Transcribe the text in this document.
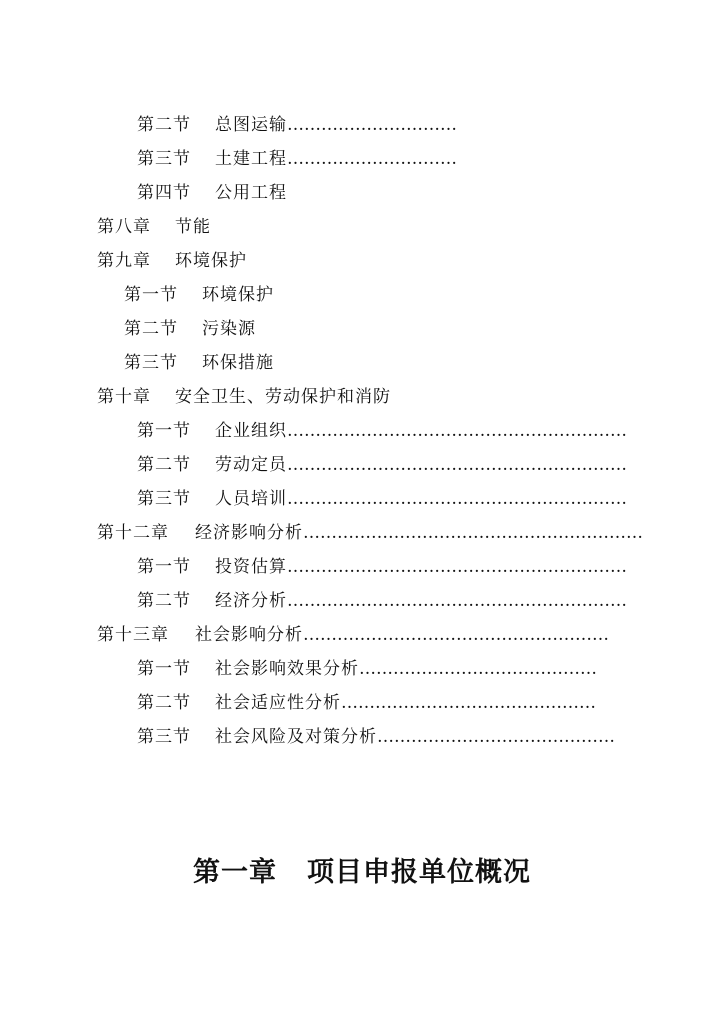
第二节 总图运输…………………………
第三节 土建工程…………………………
第四节 公用工程
第八章 节能
第九章 环境保护
第一节 环境保护
第二节 污染源
第三节 环保措施
第十章 安全卫生、劳动保护和消防
第一节 企业组织……………………………………………………
第二节 劳动定员……………………………………………………
第三节 人员培训……………………………………………………
第十二章 经济影响分析……………………………………………………
第一节 投资估算……………………………………………………
第二节 经济分析……………………………………………………
第十三章 社会影响分析………………………………………………
第一节 社会影响效果分析……………………………………
第二节 社会适应性分析………………………………………
第三节 社会风险及对策分析……………………………………
第一章 项目申报单位概况
